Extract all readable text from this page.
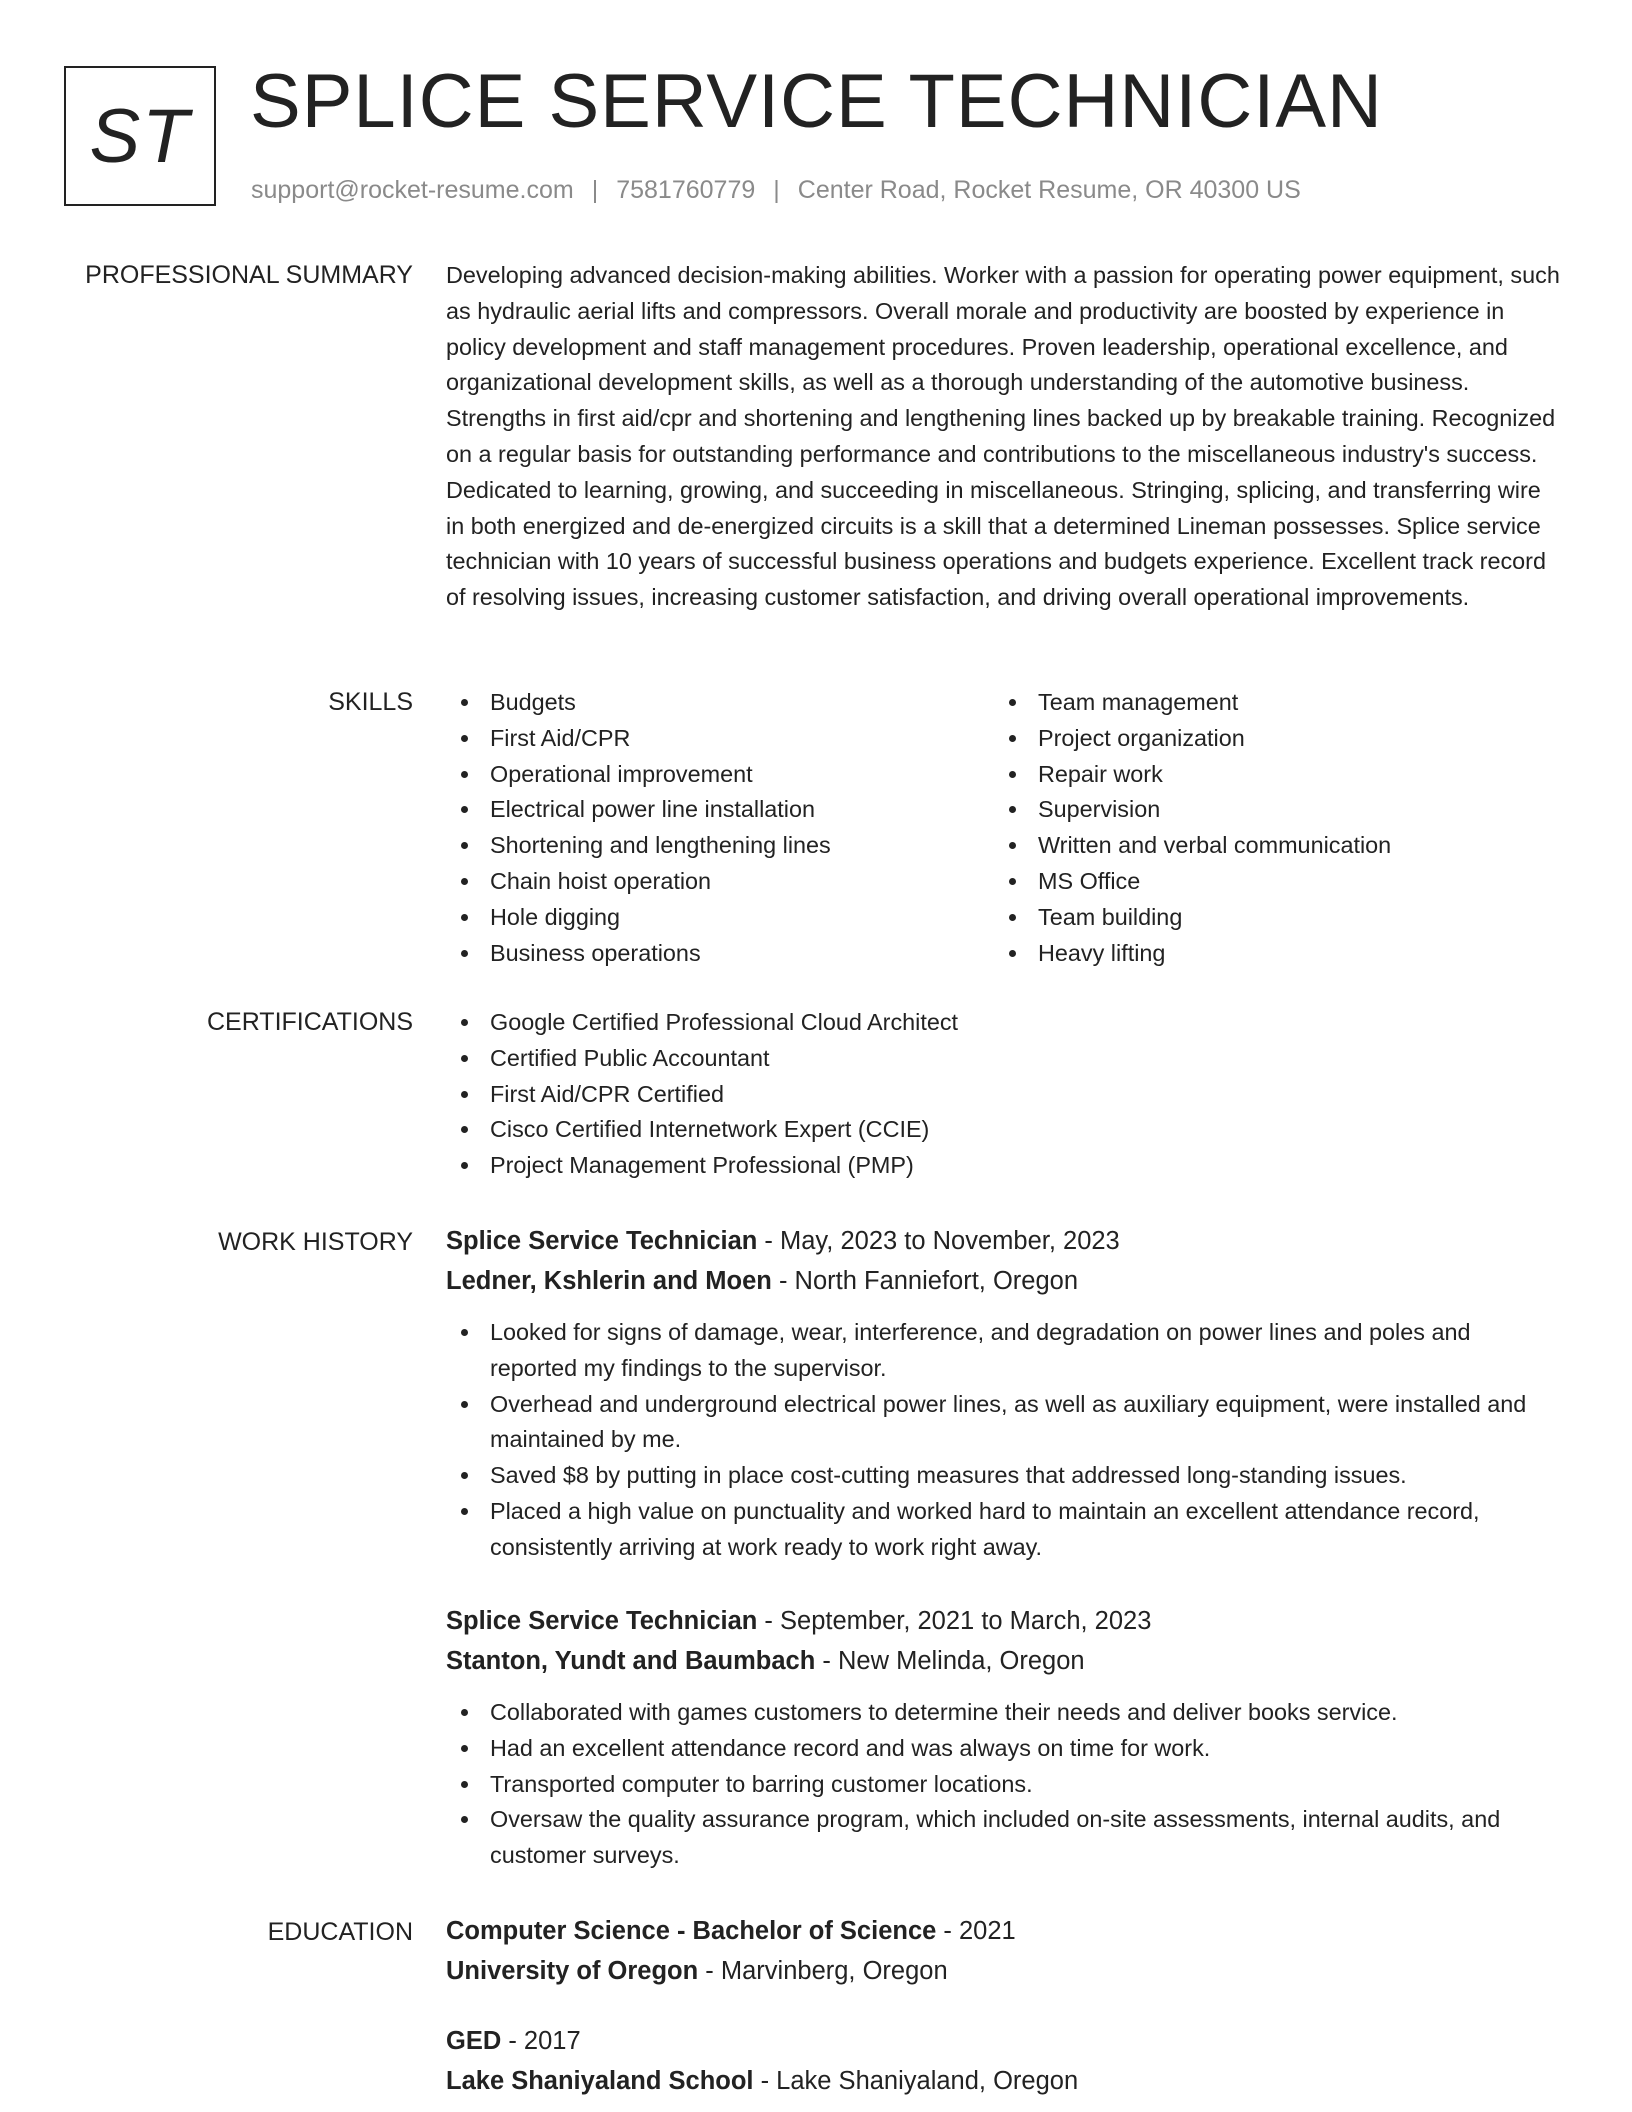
ST SPLICE SERVICE TECHNICIAN
support@rocket-resume.com | 7581760779 | Center Road, Rocket Resume, OR 40300 US
PROFESSIONAL SUMMARY Developing advanced decision-making abilities. Worker with a passion for operating power equipment, such as hydraulic aerial lifts and compressors. Overall morale and productivity are boosted by experience in policy development and staff management procedures. Proven leadership, operational excellence, and organizational development skills, as well as a thorough understanding of the automotive business. Strengths in first aid/cpr and shortening and lengthening lines backed up by breakable training. Recognized on a regular basis for outstanding performance and contributions to the miscellaneous industry's success. Dedicated to learning, growing, and succeeding in miscellaneous. Stringing, splicing, and transferring wire in both energized and de-energized circuits is a skill that a determined Lineman possesses. Splice service technician with 10 years of successful business operations and budgets experience. Excellent track record of resolving issues, increasing customer satisfaction, and driving overall operational improvements.

SKILLS	Budgets
First Aid/CPR
Operational improvement
Electrical power line installation
Shortening and lengthening lines
Chain hoist operation
Hole digging
Business operations
Team management
Project organization
Repair work
Supervision
Written and verbal communication
MS Office
Team building
Heavy lifting
CERTIFICATIONS	Google Certified Professional Cloud Architect
Certified Public Accountant
First Aid/CPR Certified
Cisco Certified Internetwork Expert (CCIE)
Project Management Professional (PMP)
WORK HISTORY Splice Service Technician - May, 2023 to November, 2023
Ledner, Kshlerin and Moen - North Fanniefort, Oregon
Looked for signs of damage, wear, interference, and degradation on power lines and poles and reported my findings to the supervisor.
Overhead and underground electrical power lines, as well as auxiliary equipment, were installed and maintained by me.
Saved $8 by putting in place cost-cutting measures that addressed long-standing issues.
Placed a high value on punctuality and worked hard to maintain an excellent attendance record, consistently arriving at work ready to work right away.
Splice Service Technician - September, 2021 to March, 2023
Stanton, Yundt and Baumbach - New Melinda, Oregon
Collaborated with games customers to determine their needs and deliver books service.
Had an excellent attendance record and was always on time for work.
Transported computer to barring customer locations.
Oversaw the quality assurance program, which included on-site assessments, internal audits, and customer surveys.
EDUCATION Computer Science - Bachelor of Science - 2021
University of Oregon - Marvinberg, Oregon
GED - 2017
Lake Shaniyaland School - Lake Shaniyaland, Oregon
